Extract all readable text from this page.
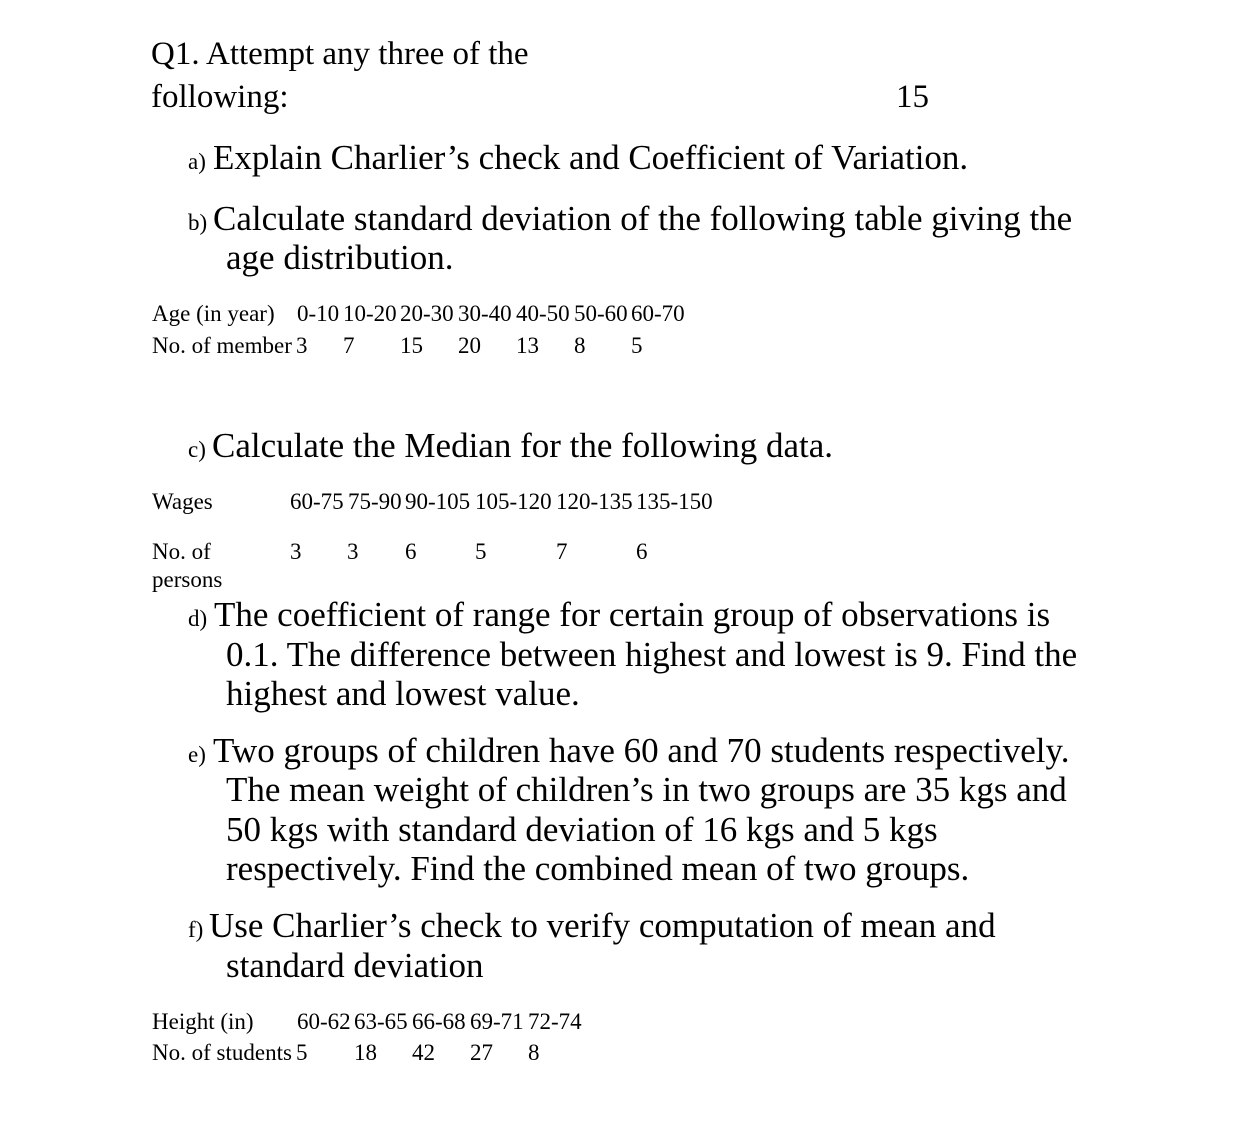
Q1. Attempt any three of the
following:	15
a) Explain Charlier’s check and Coefficient of Variation.
b) Calculate standard deviation of the following table giving the
age distribution.
Age (in year) 0-10 10-20 20-30 30-40 40-50 50-60 60-70
No. of member 3 7 15 20 13 8 5
c) Calculate the Median for the following data.
Wages	60-75 75-90 90-105 105-120 120-135 135-150
No. of
persons
3 3 6	5	7	6
d) The coefficient of range for certain group of observations is
0.1. The difference between highest and lowest is 9. Find the
highest and lowest value.
e) Two groups of children have 60 and 70 students respectively.
The mean weight of children’s in two groups are 35 kgs and
50 kgs with standard deviation of 16 kgs and 5 kgs
respectively. Find the combined mean of two groups.
f) Use Charlier’s check to verify computation of mean and
standard deviation
Height (in) 60-62 63-65 66-68 69-71 72-74
No. of students 5 18 42 27 8
